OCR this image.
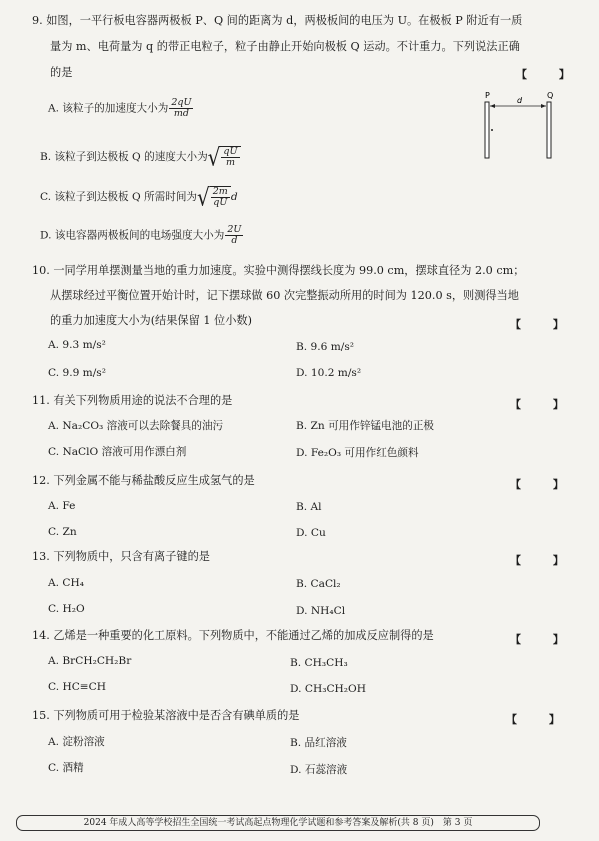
9. 如图，一平行板电容器两极板 P、Q 间的距离为 d，两极板间的电压为 U。在极板 P 附近有一质
量为 m、电荷量为 q 的带正电粒子，粒子由静止开始向极板 Q 运动。不计重力。下列说法正确
的是	【 】
A. 该粒子的加速度大小为 $\frac{2qU}{md}$
B. 该粒子到达极板 Q 的速度大小为 √ $\frac{qU}{m}$
C. 该粒子到达极板 Q 所需时间为 √ $\frac{2m}{qU}$ d
D. 该电容器两极板间的电场强度大小为 $\frac{2U}{d}$
P	Q
d
10. 一同学用单摆测量当地的重力加速度。实验中测得摆线长度为 99.0 cm，摆球直径为 2.0 cm；
从摆球经过平衡位置开始计时，记下摆球做 60 次完整振动所用的时间为 120.0 s，则测得当地
的重力加速度大小为(结果保留 1 位小数)	【 】
A. 9.3 m/s²	B. 9.6 m/s²
C. 9.9 m/s²	D. 10.2 m/s²
11. 有关下列物质用途的说法不合理的是	【 】
A. Na₂CO₃ 溶液可以去除餐具的油污	B. Zn 可用作锌锰电池的正极
C. NaClO 溶液可用作漂白剂	D. Fe₂O₃ 可用作红色颜料
12. 下列金属不能与稀盐酸反应生成氢气的是	【 】
A. Fe	B. Al
C. Zn	D. Cu
13. 下列物质中，只含有离子键的是	【 】
A. CH₄	B. CaCl₂
C. H₂O	D. NH₄Cl
14. 乙烯是一种重要的化工原料。下列物质中，不能通过乙烯的加成反应制得的是	【 】
A. BrCH₂CH₂Br	B. CH₃CH₃
C. HC≡CH	D. CH₃CH₂OH
15. 下列物质可用于检验某溶液中是否含有碘单质的是	【 】
A. 淀粉溶液	B. 品红溶液
C. 酒精	D. 石蕊溶液
2024 年成人高等学校招生全国统一考试高起点物理化学试题和参考答案及解析(共 8 页)　第 3 页
